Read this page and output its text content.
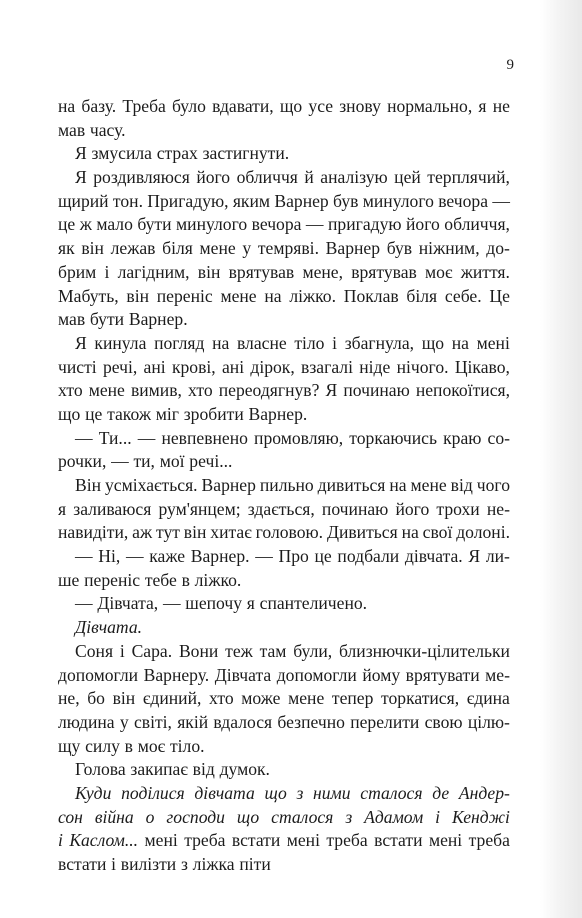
9
на базу. Треба було вдавати, що усе знову нормально, я не
мав часу.
Я змусила страх застигнути.
Я роздивляюся його обличчя й аналізую цей терплячий,
щирий тон. Пригадую, яким Варнер був минулого вечора —
це ж мало бути минулого вечора — пригадую його обличчя,
як він лежав біля мене у темряві. Варнер був ніжним, до-
брим і лагідним, він врятував мене, врятував моє життя.
Мабуть, він переніс мене на ліжко. Поклав біля себе. Це
мав бути Варнер.
Я кинула погляд на власне тіло і збагнула, що на мені
чисті речі, ані крові, ані дірок, взагалі ніде нічого. Цікаво,
хто мене вимив, хто переодягнув? Я починаю непокоїтися,
що це також міг зробити Варнер.
— Ти... — невпевнено промовляю, торкаючись краю со-
рочки, — ти, мої речі...
Він усміхається. Варнер пильно дивиться на мене від чого
я заливаюся рум'янцем; здається, починаю його трохи не-
навидіти, аж тут він хитає головою. Дивиться на свої долоні.
— Ні, — каже Варнер. — Про це подбали дівчата. Я ли-
ше переніс тебе в ліжко.
— Дівчата, — шепочу я спантеличено.
Дівчата.
Соня і Сара. Вони теж там були, близнючки-цілительки
допомогли Варнеру. Дівчата допомогли йому врятувати ме-
не, бо він єдиний, хто може мене тепер торкатися, єдина
людина у світі, якій вдалося безпечно перелити свою цілю-
щу силу в моє тіло.
Голова закипає від думок.
Куди поділися дівчата що з ними сталося де Андер-
сон війна о господи що сталося з Адамом і Кенджі
і Каслом... мені треба встати мені треба встати мені треба
встати і вилізти з ліжка піти
